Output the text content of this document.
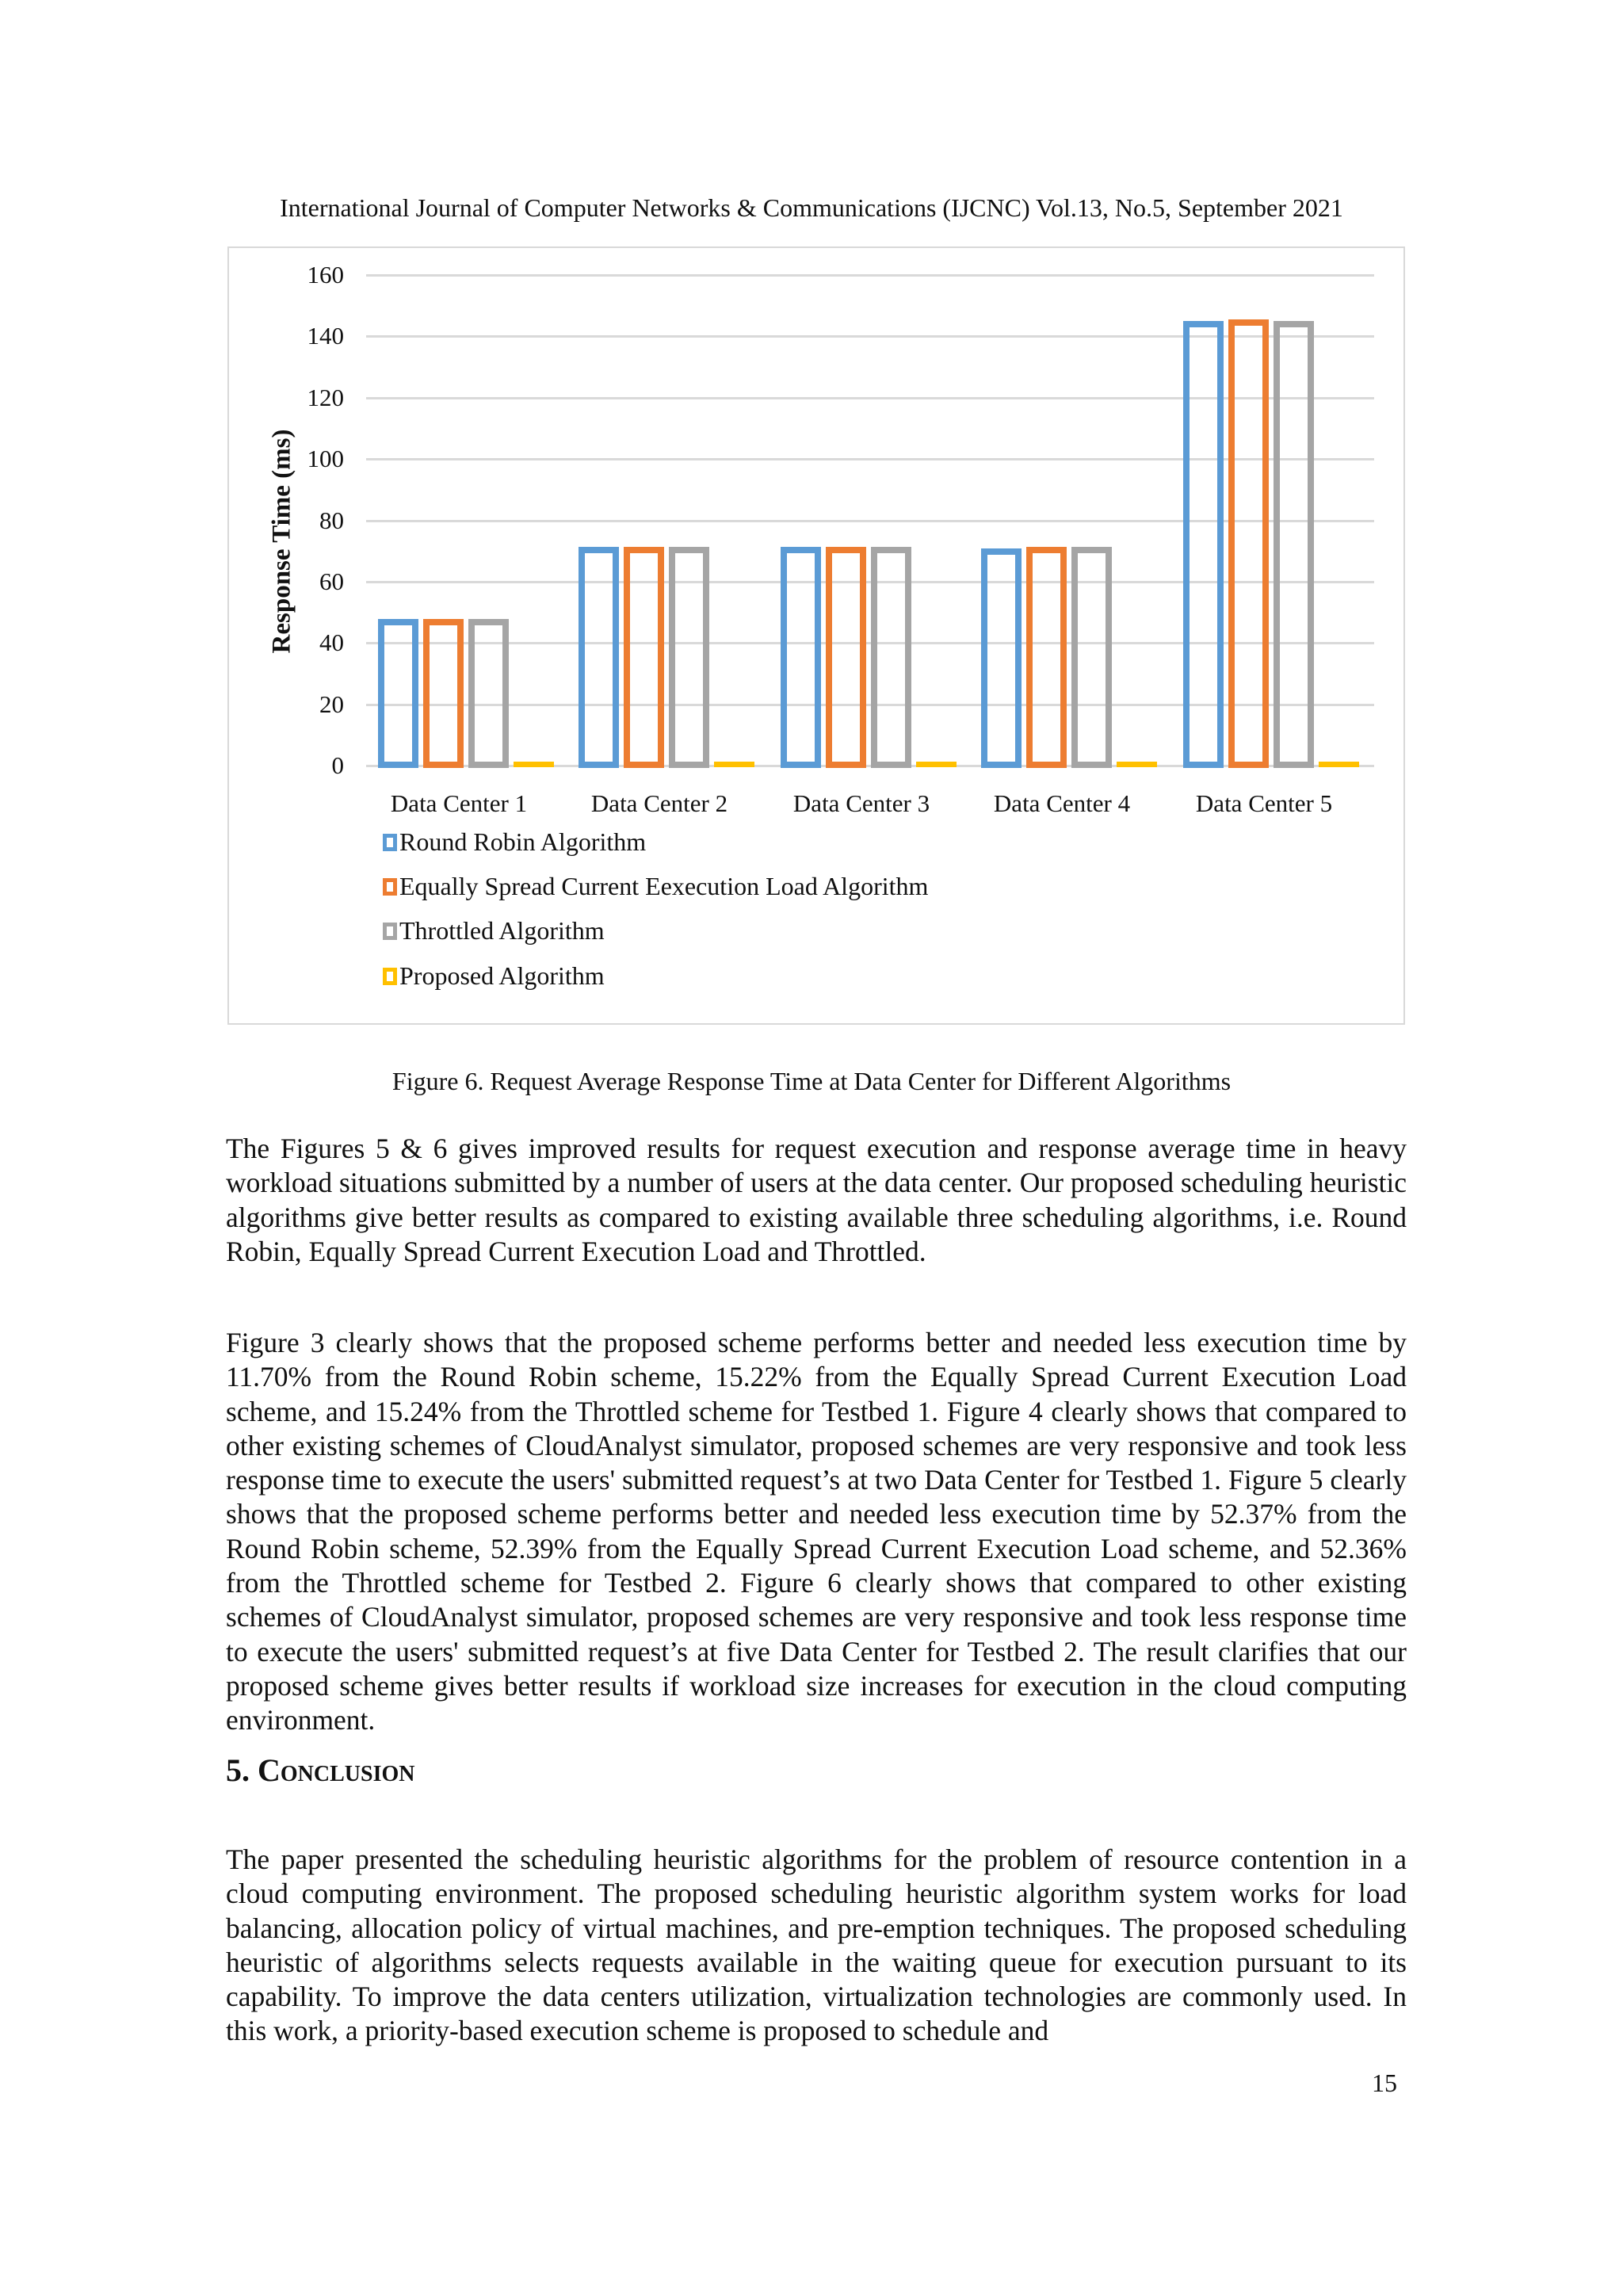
International Journal of Computer Networks & Communications (IJCNC) Vol.13, No.5, September 2021
0
20
40
60
80
100
120
140
160
Response Time (ms)
Data Center 1	Data Center 2	Data Center 3	Data Center 4	Data Center 5
Round Robin Algorithm
Equally Spread Current Eexecution Load Algorithm
Throttled Algorithm
Proposed Algorithm
Figure 6. Request Average Response Time at Data Center for Different Algorithms
The Figures 5 & 6 gives improved results for request execution and response average time in heavy workload situations submitted by a number of users at the data center. Our proposed scheduling heuristic algorithms give better results as compared to existing available three scheduling algorithms, i.e. Round Robin, Equally Spread Current Execution Load and Throttled.
Figure 3 clearly shows that the proposed scheme performs better and needed less execution time by 11.70% from the Round Robin scheme, 15.22% from the Equally Spread Current Execution Load scheme, and 15.24% from the Throttled scheme for Testbed 1. Figure 4 clearly shows that compared to other existing schemes of CloudAnalyst simulator, proposed schemes are very responsive and took less response time to execute the users' submitted request’s at two Data Center for Testbed 1. Figure 5 clearly shows that the proposed scheme performs better and needed less execution time by 52.37% from the Round Robin scheme, 52.39% from the Equally Spread Current Execution Load scheme, and 52.36% from the Throttled scheme for Testbed 2. Figure 6 clearly shows that compared to other existing schemes of CloudAnalyst simulator, proposed schemes are very responsive and took less response time to execute the users' submitted request’s at five Data Center for Testbed 2. The result clarifies that our proposed scheme gives better results if workload size increases for execution in the cloud computing environment.
5. Conclusion
The paper presented the scheduling heuristic algorithms for the problem of resource contention in a cloud computing environment. The proposed scheduling heuristic algorithm system works for load balancing, allocation policy of virtual machines, and pre-emption techniques. The proposed scheduling heuristic of algorithms selects requests available in the waiting queue for execution pursuant to its capability. To improve the data centers utilization, virtualization technologies are commonly used. In this work, a priority-based execution scheme is proposed to schedule and
15
